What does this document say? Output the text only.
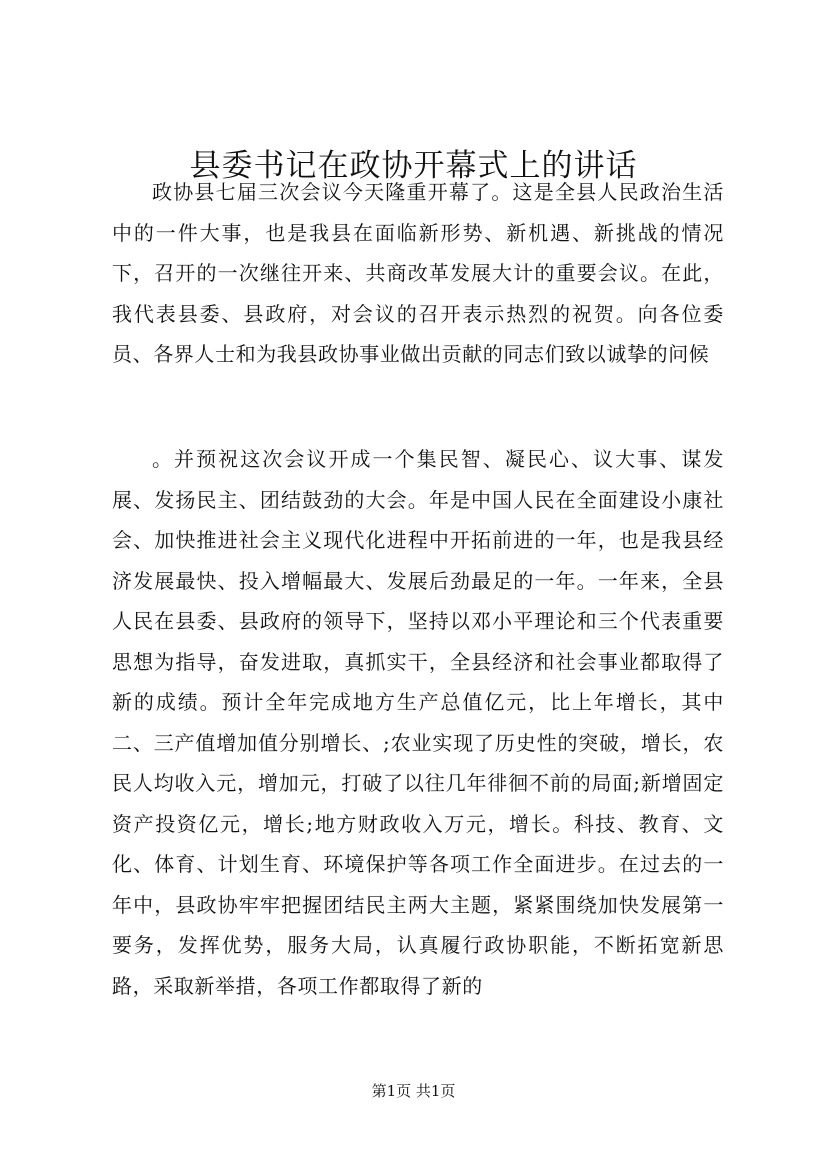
县委书记在政协开幕式上的讲话

政协县七届三次会议今天隆重开幕了。这是全县人民政治生活中的一件大事，也是我县在面临新形势、新机遇、新挑战的情况下，召开的一次继往开来、共商改革发展大计的重要会议。在此，我代表县委、县政府，对会议的召开表示热烈的祝贺。向各位委员、各界人士和为我县政协事业做出贡献的同志们致以诚挚的问候

。并预祝这次会议开成一个集民智、凝民心、议大事、谋发展、发扬民主、团结鼓劲的大会。年是中国人民在全面建设小康社会、加快推进社会主义现代化进程中开拓前进的一年，也是我县经济发展最快、投入增幅最大、发展后劲最足的一年。一年来，全县人民在县委、县政府的领导下，坚持以邓小平理论和三个代表重要思想为指导，奋发进取，真抓实干，全县经济和社会事业都取得了新的成绩。预计全年完成地方生产总值亿元，比上年增长，其中二、三产值增加值分别增长、;农业实现了历史性的突破，增长，农民人均收入元，增加元，打破了以往几年徘徊不前的局面;新增固定资产投资亿元，增长;地方财政收入万元，增长。科技、教育、文化、体育、计划生育、环境保护等各项工作全面进步。在过去的一年中，县政协牢牢把握团结民主两大主题，紧紧围绕加快发展第一要务，发挥优势，服务大局，认真履行政协职能，不断拓宽新思路，采取新举措，各项工作都取得了新的

第1页 共1页
